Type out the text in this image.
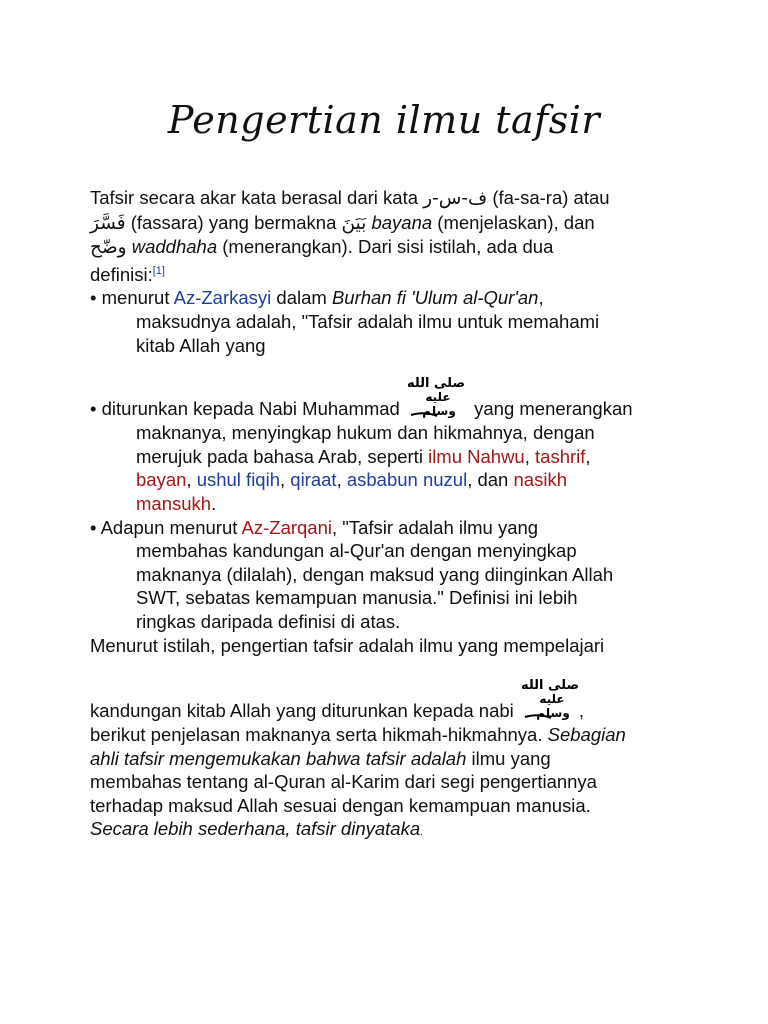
Pengertian ilmu tafsir

Tafsir secara akar kata berasal dari kata ف-س-ر (fa-sa-ra) atau

فَسَّرَ (fassara) yang bermakna بَيَنَ bayana (menjelaskan), dan

وضّح waddhaha (menerangkan). Dari sisi istilah, ada dua

definisi:[1]

• menurut Az-Zarkasyi dalam Burhan fi 'Ulum al-Qur'an,

maksudnya adalah, "Tafsir adalah ilmu untuk memahami

kitab Allah yang

• diturunkan kepada Nabi Muhammad
صلى الله
عليه
وسلم yang menerangkan

maknanya, menyingkap hukum dan hikmahnya, dengan

merujuk pada bahasa Arab, seperti ilmu Nahwu, tashrif,

bayan, ushul fiqih, qiraat, asbabun nuzul, dan nasikh

mansukh.

• Adapun menurut Az-Zarqani, "Tafsir adalah ilmu yang

membahas kandungan al-Qur'an dengan menyingkap

maknanya (dilalah), dengan maksud yang diinginkan Allah

SWT, sebatas kemampuan manusia." Definisi ini lebih

ringkas daripada definisi di atas.

Menurut istilah, pengertian tafsir adalah ilmu yang mempelajari

kandungan kitab Allah yang diturunkan kepada nabi
صلى الله
عليه
وسلم ,

berikut penjelasan maknanya serta hikmah-hikmahnya. Sebagian

ahli tafsir mengemukakan bahwa tafsir adalah ilmu yang

membahas tentang al-Quran al-Karim dari segi pengertiannya

terhadap maksud Allah sesuai dengan kemampuan manusia.

Secara lebih sederhana, tafsir dinyataka.
